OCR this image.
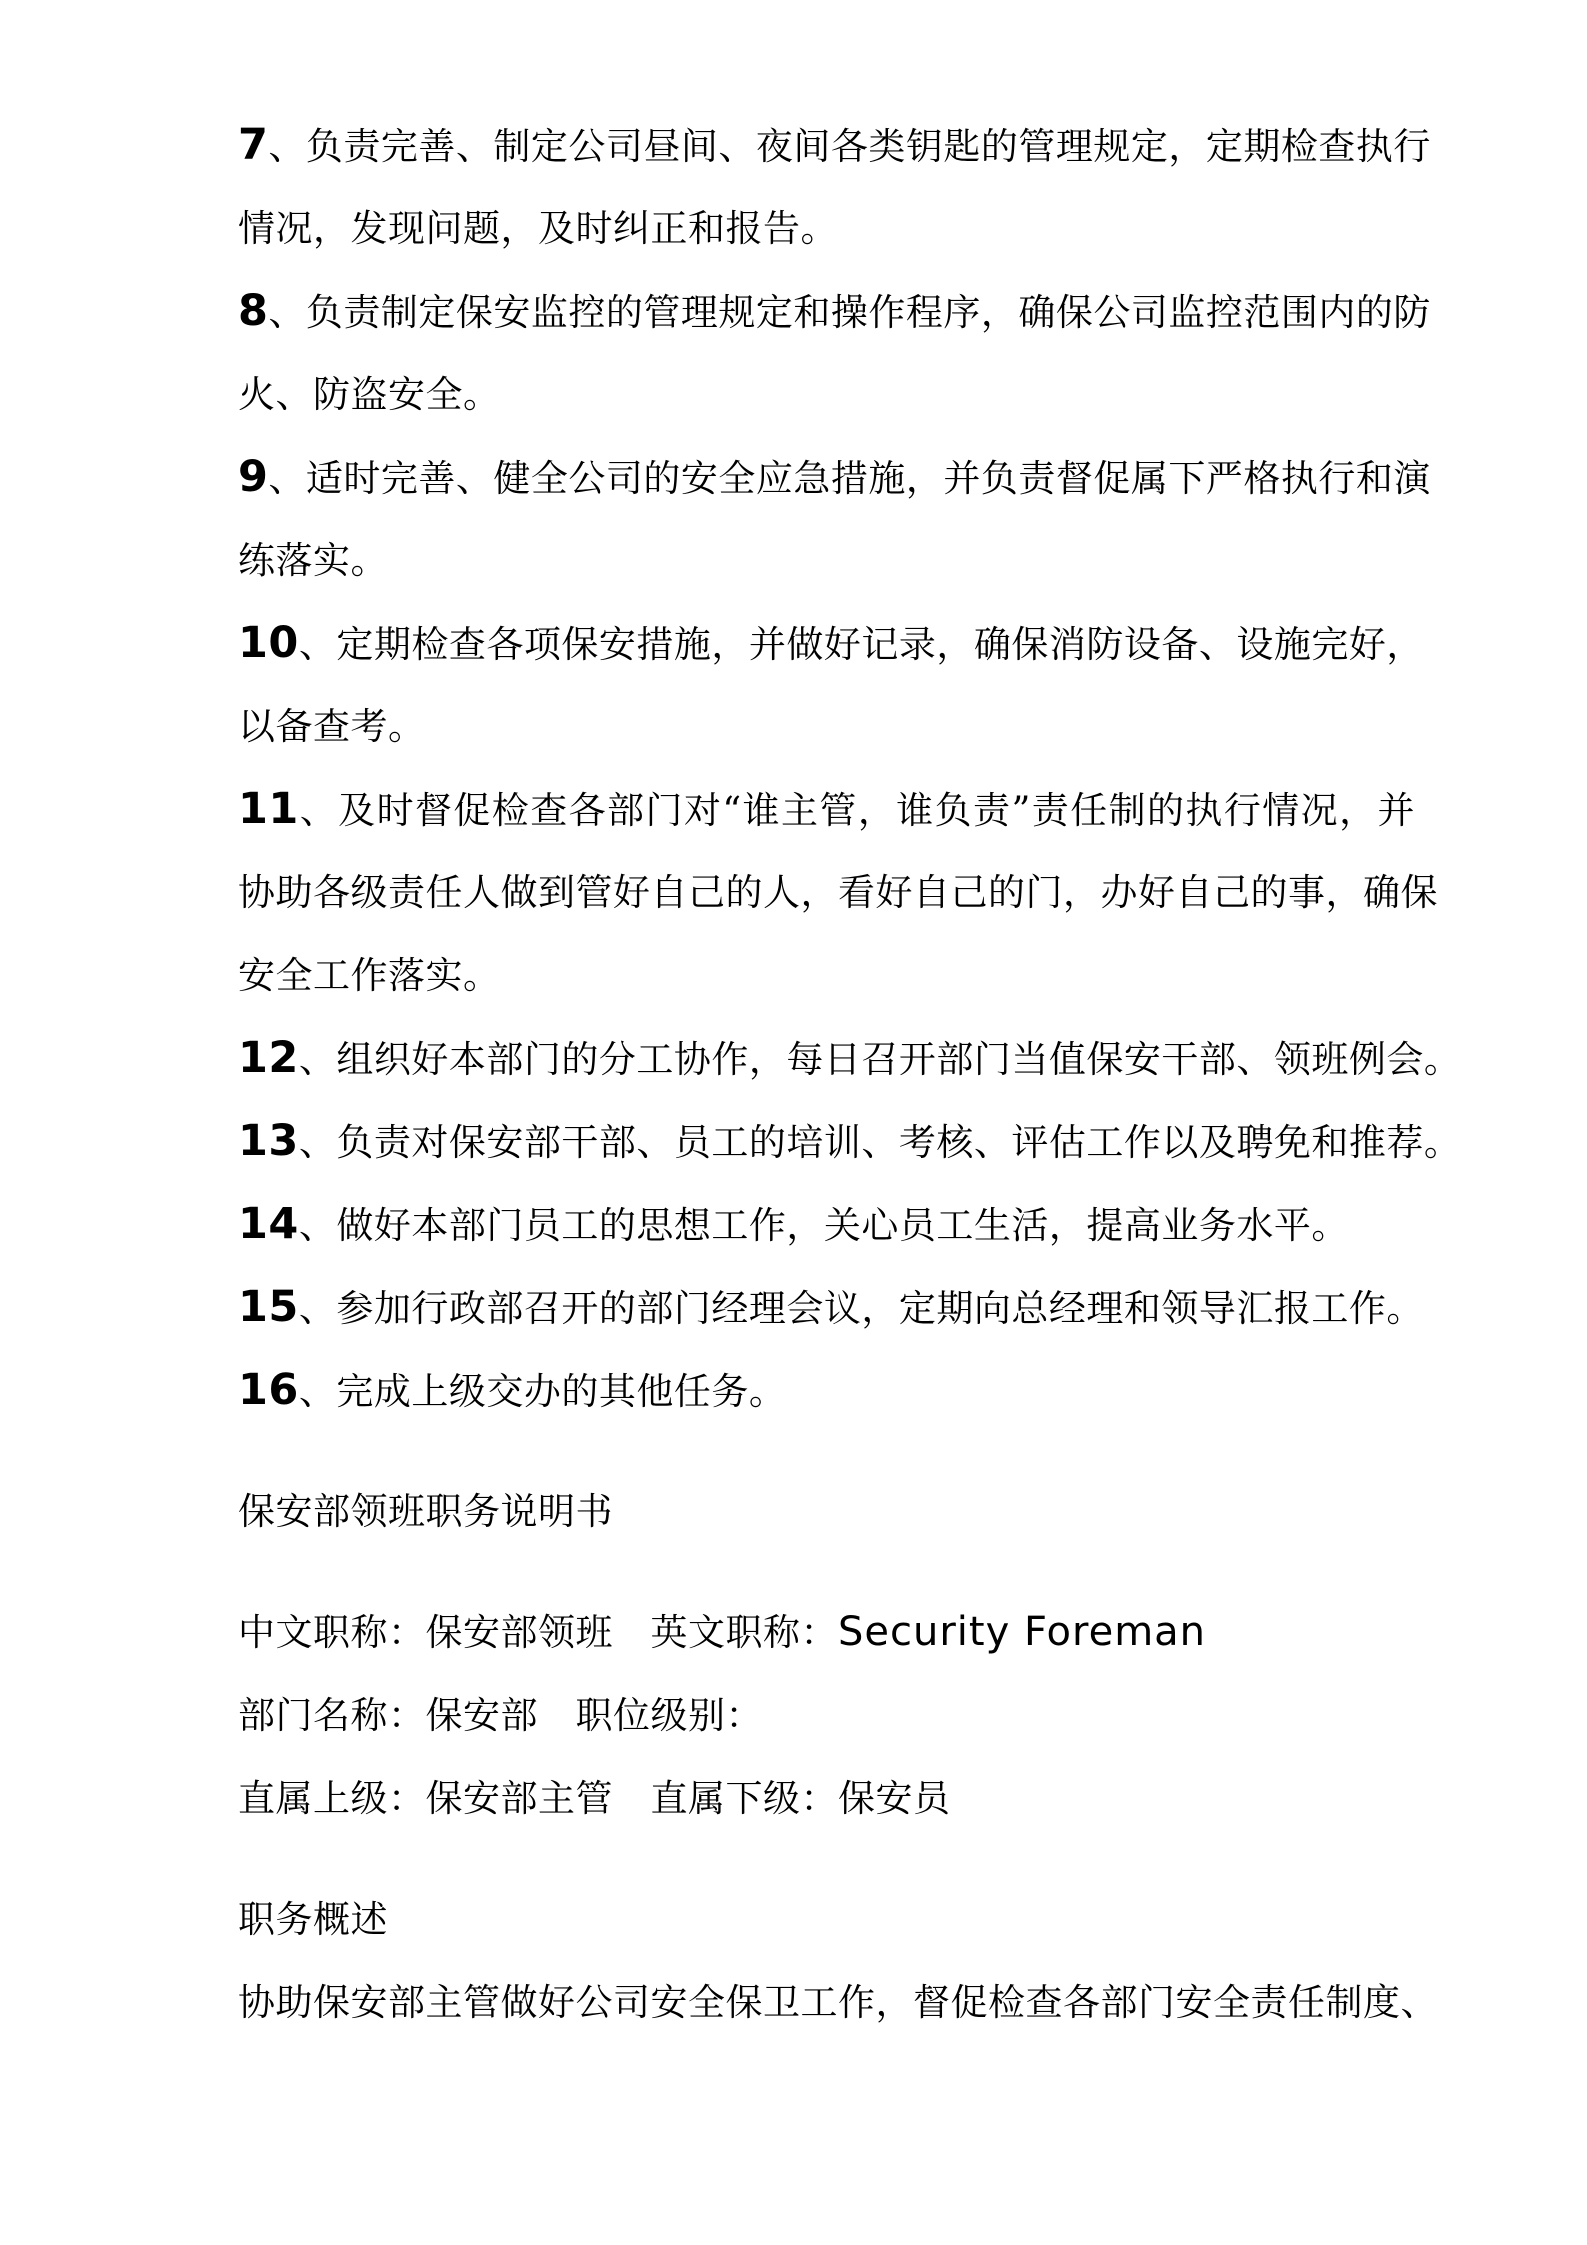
7、负责完善、制定公司昼间、夜间各类钥匙的管理规定，定期检查执行
情况，发现问题，及时纠正和报告。
8、负责制定保安监控的管理规定和操作程序，确保公司监控范围内的防
火、防盗安全。
9、适时完善、健全公司的安全应急措施，并负责督促属下严格执行和演
练落实。
10、定期检查各项保安措施，并做好记录，确保消防设备、设施完好，
以备查考。
11、及时督促检查各部门对“谁主管，谁负责”责任制的执行情况，并
协助各级责任人做到管好自己的人，看好自己的门，办好自己的事，确保
安全工作落实。
12、组织好本部门的分工协作，每日召开部门当值保安干部、领班例会。
13、负责对保安部干部、员工的培训、考核、评估工作以及聘免和推荐。
14、做好本部门员工的思想工作，关心员工生活，提高业务水平。
15、参加行政部召开的部门经理会议，定期向总经理和领导汇报工作。
16、完成上级交办的其他任务。
保安部领班职务说明书
中文职称：保安部领班　英文职称：Security Foreman
部门名称：保安部　职位级别：
直属上级：保安部主管　直属下级：保安员
职务概述
协助保安部主管做好公司安全保卫工作，督促检查各部门安全责任制度、
